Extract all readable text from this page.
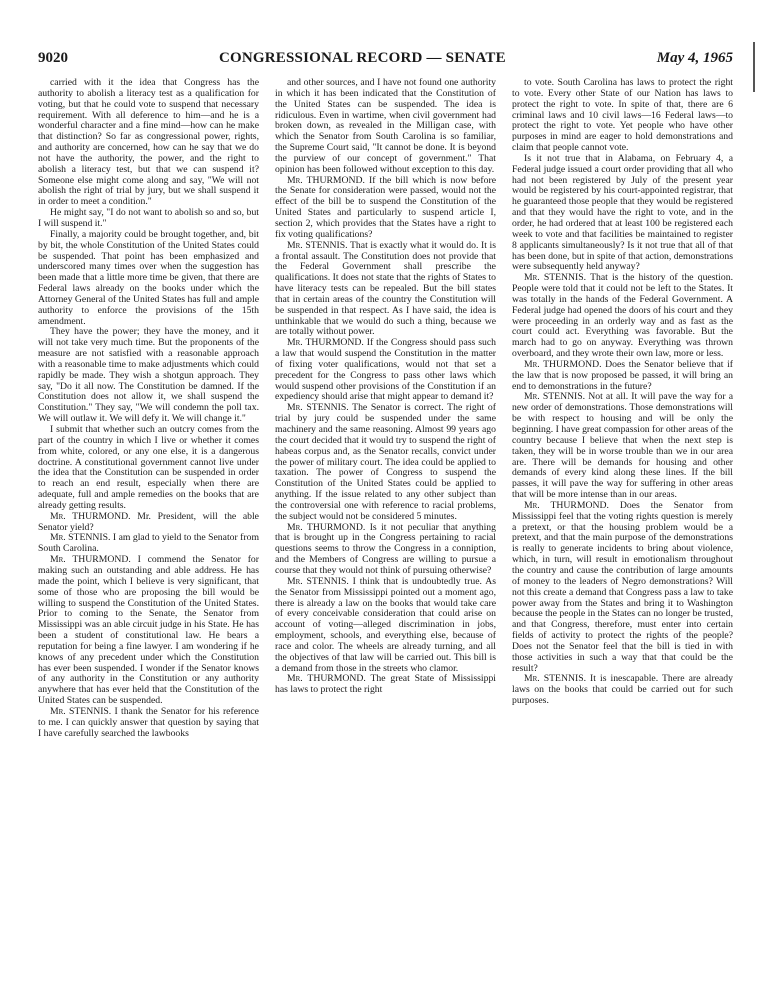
9020	CONGRESSIONAL RECORD — SENATE	May 4, 1965

carried with it the idea that Congress has the authority to abolish a literacy test as a qualification for voting, but that he could vote to suspend that necessary requirement. With all deference to him—and he is a wonderful character and a fine mind—how can he make that distinction? So far as congressional power, rights, and authority are concerned, how can he say that we do not have the authority, the power, and the right to abolish a literacy test, but that we can suspend it? Someone else might come along and say, "We will not abolish the right of trial by jury, but we shall suspend it in order to meet a condition."

He might say, "I do not want to abolish so and so, but I will suspend it."

Finally, a majority could be brought together, and, bit by bit, the whole Constitution of the United States could be suspended. That point has been emphasized and underscored many times over when the suggestion has been made that a little more time be given, that there are Federal laws already on the books under which the Attorney General of the United States has full and ample authority to enforce the provisions of the 15th amendment.

They have the power; they have the money, and it will not take very much time. But the proponents of the measure are not satisfied with a reasonable approach with a reasonable time to make adjustments which could rapidly be made. They wish a shotgun approach. They say, "Do it all now. The Constitution be damned. If the Constitution does not allow it, we shall suspend the Constitution." They say, "We will condemn the poll tax. We will outlaw it. We will defy it. We will change it."

I submit that whether such an outcry comes from the part of the country in which I live or whether it comes from white, colored, or any one else, it is a dangerous doctrine. A constitutional government cannot live under the idea that the Constitution can be suspended in order to reach an end result, especially when there are adequate, full and ample remedies on the books that are already getting results.

Mr. THURMOND. Mr. President, will the able Senator yield?

Mr. STENNIS. I am glad to yield to the Senator from South Carolina.

Mr. THURMOND. I commend the Senator for making such an outstanding and able address. He has made the point, which I believe is very significant, that some of those who are proposing the bill would be willing to suspend the Constitution of the United States. Prior to coming to the Senate, the Senator from Mississippi was an able circuit judge in his State. He has been a student of constitutional law. He bears a reputation for being a fine lawyer. I am wondering if he knows of any precedent under which the Constitution has ever been suspended. I wonder if the Senator knows of any authority in the Constitution or any authority anywhere that has ever held that the Constitution of the United States can be suspended.

Mr. STENNIS. I thank the Senator for his reference to me. I can quickly answer that question by saying that I have carefully searched the lawbooks

and other sources, and I have not found one authority in which it has been indicated that the Constitution of the United States can be suspended. The idea is ridiculous. Even in wartime, when civil government had broken down, as revealed in the Milligan case, with which the Senator from South Carolina is so familiar, the Supreme Court said, "It cannot be done. It is beyond the purview of our concept of government." That opinion has been followed without exception to this day.

Mr. THURMOND. If the bill which is now before the Senate for consideration were passed, would not the effect of the bill be to suspend the Constitution of the United States and particularly to suspend article I, section 2, which provides that the States have a right to fix voting qualifications?

Mr. STENNIS. That is exactly what it would do. It is a frontal assault. The Constitution does not provide that the Federal Government shall prescribe the qualifications. It does not state that the rights of States to have literacy tests can be repealed. But the bill states that in certain areas of the country the Constitution will be suspended in that respect. As I have said, the idea is unthinkable that we would do such a thing, because we are totally without power.

Mr. THURMOND. If the Congress should pass such a law that would suspend the Constitution in the matter of fixing voter qualifications, would not that set a precedent for the Congress to pass other laws which would suspend other provisions of the Constitution if an expediency should arise that might appear to demand it?

Mr. STENNIS. The Senator is correct. The right of trial by jury could be suspended under the same machinery and the same reasoning. Almost 99 years ago the court decided that it would try to suspend the right of habeas corpus and, as the Senator recalls, convict under the power of military court. The idea could be applied to taxation. The power of Congress to suspend the Constitution of the United States could be applied to anything. If the issue related to any other subject than the controversial one with reference to racial problems, the subject would not be considered 5 minutes.

Mr. THURMOND. Is it not peculiar that anything that is brought up in the Congress pertaining to racial questions seems to throw the Congress in a conniption, and the Members of Congress are willing to pursue a course that they would not think of pursuing otherwise?

Mr. STENNIS. I think that is undoubtedly true. As the Senator from Mississippi pointed out a moment ago, there is already a law on the books that would take care of every conceivable consideration that could arise on account of voting—alleged discrimination in jobs, employment, schools, and everything else, because of race and color. The wheels are already turning, and all the objectives of that law will be carried out. This bill is a demand from those in the streets who clamor.

Mr. THURMOND. The great State of Mississippi has laws to protect the right

to vote. South Carolina has laws to protect the right to vote. Every other State of our Nation has laws to protect the right to vote. In spite of that, there are 6 criminal laws and 10 civil laws—16 Federal laws—to protect the right to vote. Yet people who have other purposes in mind are eager to hold demonstrations and claim that people cannot vote.

Is it not true that in Alabama, on February 4, a Federal judge issued a court order providing that all who had not been registered by July of the present year would be registered by his court-appointed registrar, that he guaranteed those people that they would be registered and that they would have the right to vote, and in the order, he had ordered that at least 100 be registered each week to vote and that facilities be maintained to register 8 applicants simultaneously? Is it not true that all of that has been done, but in spite of that action, demonstrations were subsequently held anyway?

Mr. STENNIS. That is the history of the question. People were told that it could not be left to the States. It was totally in the hands of the Federal Government. A Federal judge had opened the doors of his court and they were proceeding in an orderly way and as fast as the court could act. Everything was favorable. But the march had to go on anyway. Everything was thrown overboard, and they wrote their own law, more or less.

Mr. THURMOND. Does the Senator believe that if the law that is now proposed be passed, it will bring an end to demonstrations in the future?

Mr. STENNIS. Not at all. It will pave the way for a new order of demonstrations. Those demonstrations will be with respect to housing and will be only the beginning. I have great compassion for other areas of the country because I believe that when the next step is taken, they will be in worse trouble than we in our area are. There will be demands for housing and other demands of every kind along these lines. If the bill passes, it will pave the way for suffering in other areas that will be more intense than in our areas.

Mr. THURMOND. Does the Senator from Mississippi feel that the voting rights question is merely a pretext, or that the housing problem would be a pretext, and that the main purpose of the demonstrations is really to generate incidents to bring about violence, which, in turn, will result in emotionalism throughout the country and cause the contribution of large amounts of money to the leaders of Negro demonstrations? Will not this create a demand that Congress pass a law to take power away from the States and bring it to Washington because the people in the States can no longer be trusted, and that Congress, therefore, must enter into certain fields of activity to protect the rights of the people? Does not the Senator feel that the bill is tied in with those activities in such a way that that could be the result?

Mr. STENNIS. It is inescapable. There are already laws on the books that could be carried out for such purposes.
